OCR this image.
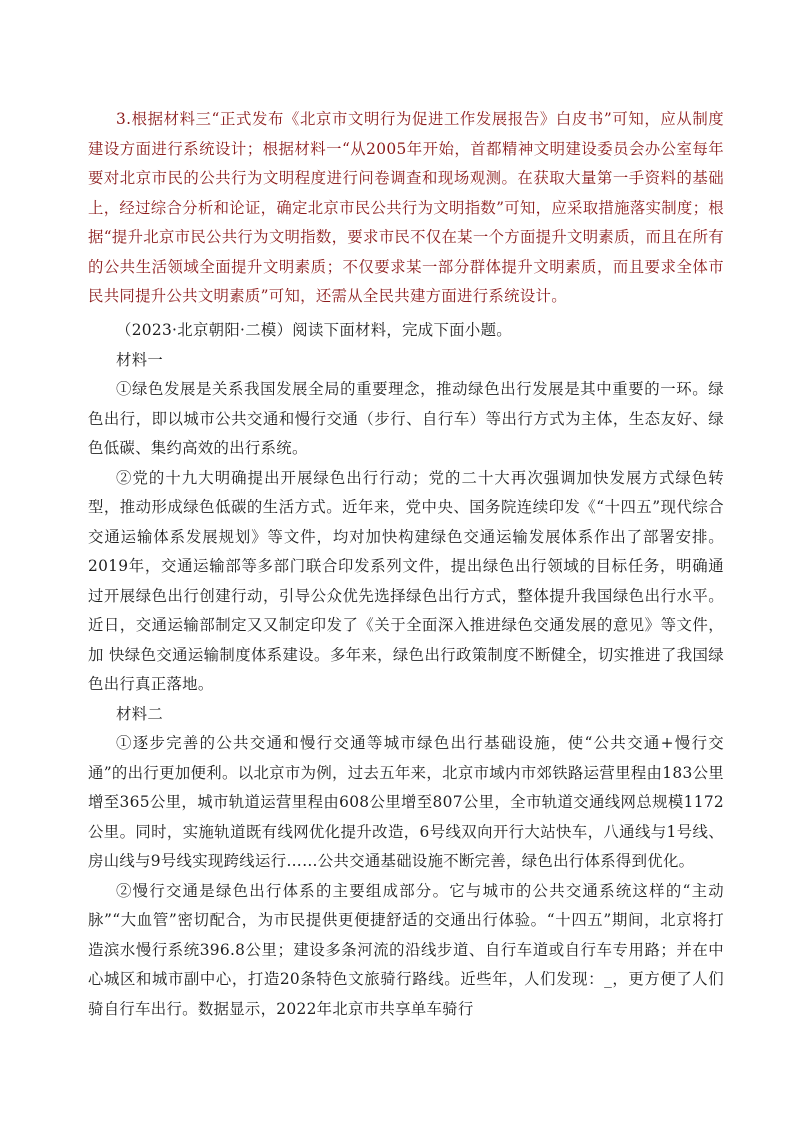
3.根据材料三“正式发布《北京市文明行为促进工作发展报告》白皮书”可知，应从制度建设方面进行系统设计；根据材料一“从2005年开始，首都精神文明建设委员会办公室每年要对北京市民的公共行为文明程度进行问卷调查和现场观测。在获取大量第一手资料的基础上，经过综合分析和论证，确定北京市民公共行为文明指数”可知，应采取措施落实制度；根据“提升北京市民公共行为文明指数，要求市民不仅在某一个方面提升文明素质，而且在所有的公共生活领域全面提升文明素质；不仅要求某一部分群体提升文明素质，而且要求全体市民共同提升公共文明素质”可知，还需从全民共建方面进行系统设计。

（2023·北京朝阳·二模）阅读下面材料，完成下面小题。

材料一

①绿色发展是关系我国发展全局的重要理念，推动绿色出行发展是其中重要的一环。绿色出行，即以城市公共交通和慢行交通（步行、自行车）等出行方式为主体，生态友好、绿色低碳、集约高效的出行系统。

②党的十九大明确提出开展绿色出行行动；党的二十大再次强调加快发展方式绿色转型，推动形成绿色低碳的生活方式。近年来，党中央、国务院连续印发《“十四五”现代综合交通运输体系发展规划》等文件，均对加快构建绿色交通运输发展体系作出了部署安排。2019年，交通运输部等多部门联合印发系列文件，提出绿色出行领域的目标任务，明确通过开展绿色出行创建行动，引导公众优先选择绿色出行方式，整体提升我国绿色出行水平。近日，交通运输部制定又又制定印发了《关于全面深入推进绿色交通发展的意见》等文件，加 快绿色交通运输制度体系建设。多年来，绿色出行政策制度不断健全，切实推进了我国绿色出行真正落地。

材料二

①逐步完善的公共交通和慢行交通等城市绿色出行基础设施，使“公共交通+慢行交通”的出行更加便利。以北京市为例，过去五年来，北京市域内市郊铁路运营里程由183公里增至365公里，城市轨道运营里程由608公里增至807公里，全市轨道交通线网总规模1172公里。同时，实施轨道既有线网优化提升改造，6号线双向开行大站快车，八通线与1号线、房山线与9号线实现跨线运行……公共交通基础设施不断完善，绿色出行体系得到优化。

②慢行交通是绿色出行体系的主要组成部分。它与城市的公共交通系统这样的“主动脉”“大血管”密切配合，为市民提供更便捷舒适的交通出行体验。“十四五”期间，北京将打造滨水慢行系统396.8公里；建设多条河流的沿线步道、自行车道或自行车专用路；并在中心城区和城市副中心，打造20条特色文旅骑行路线。近些年，人们发现：_，更方便了人们骑自行车出行。数据显示，2022年北京市共享单车骑行
